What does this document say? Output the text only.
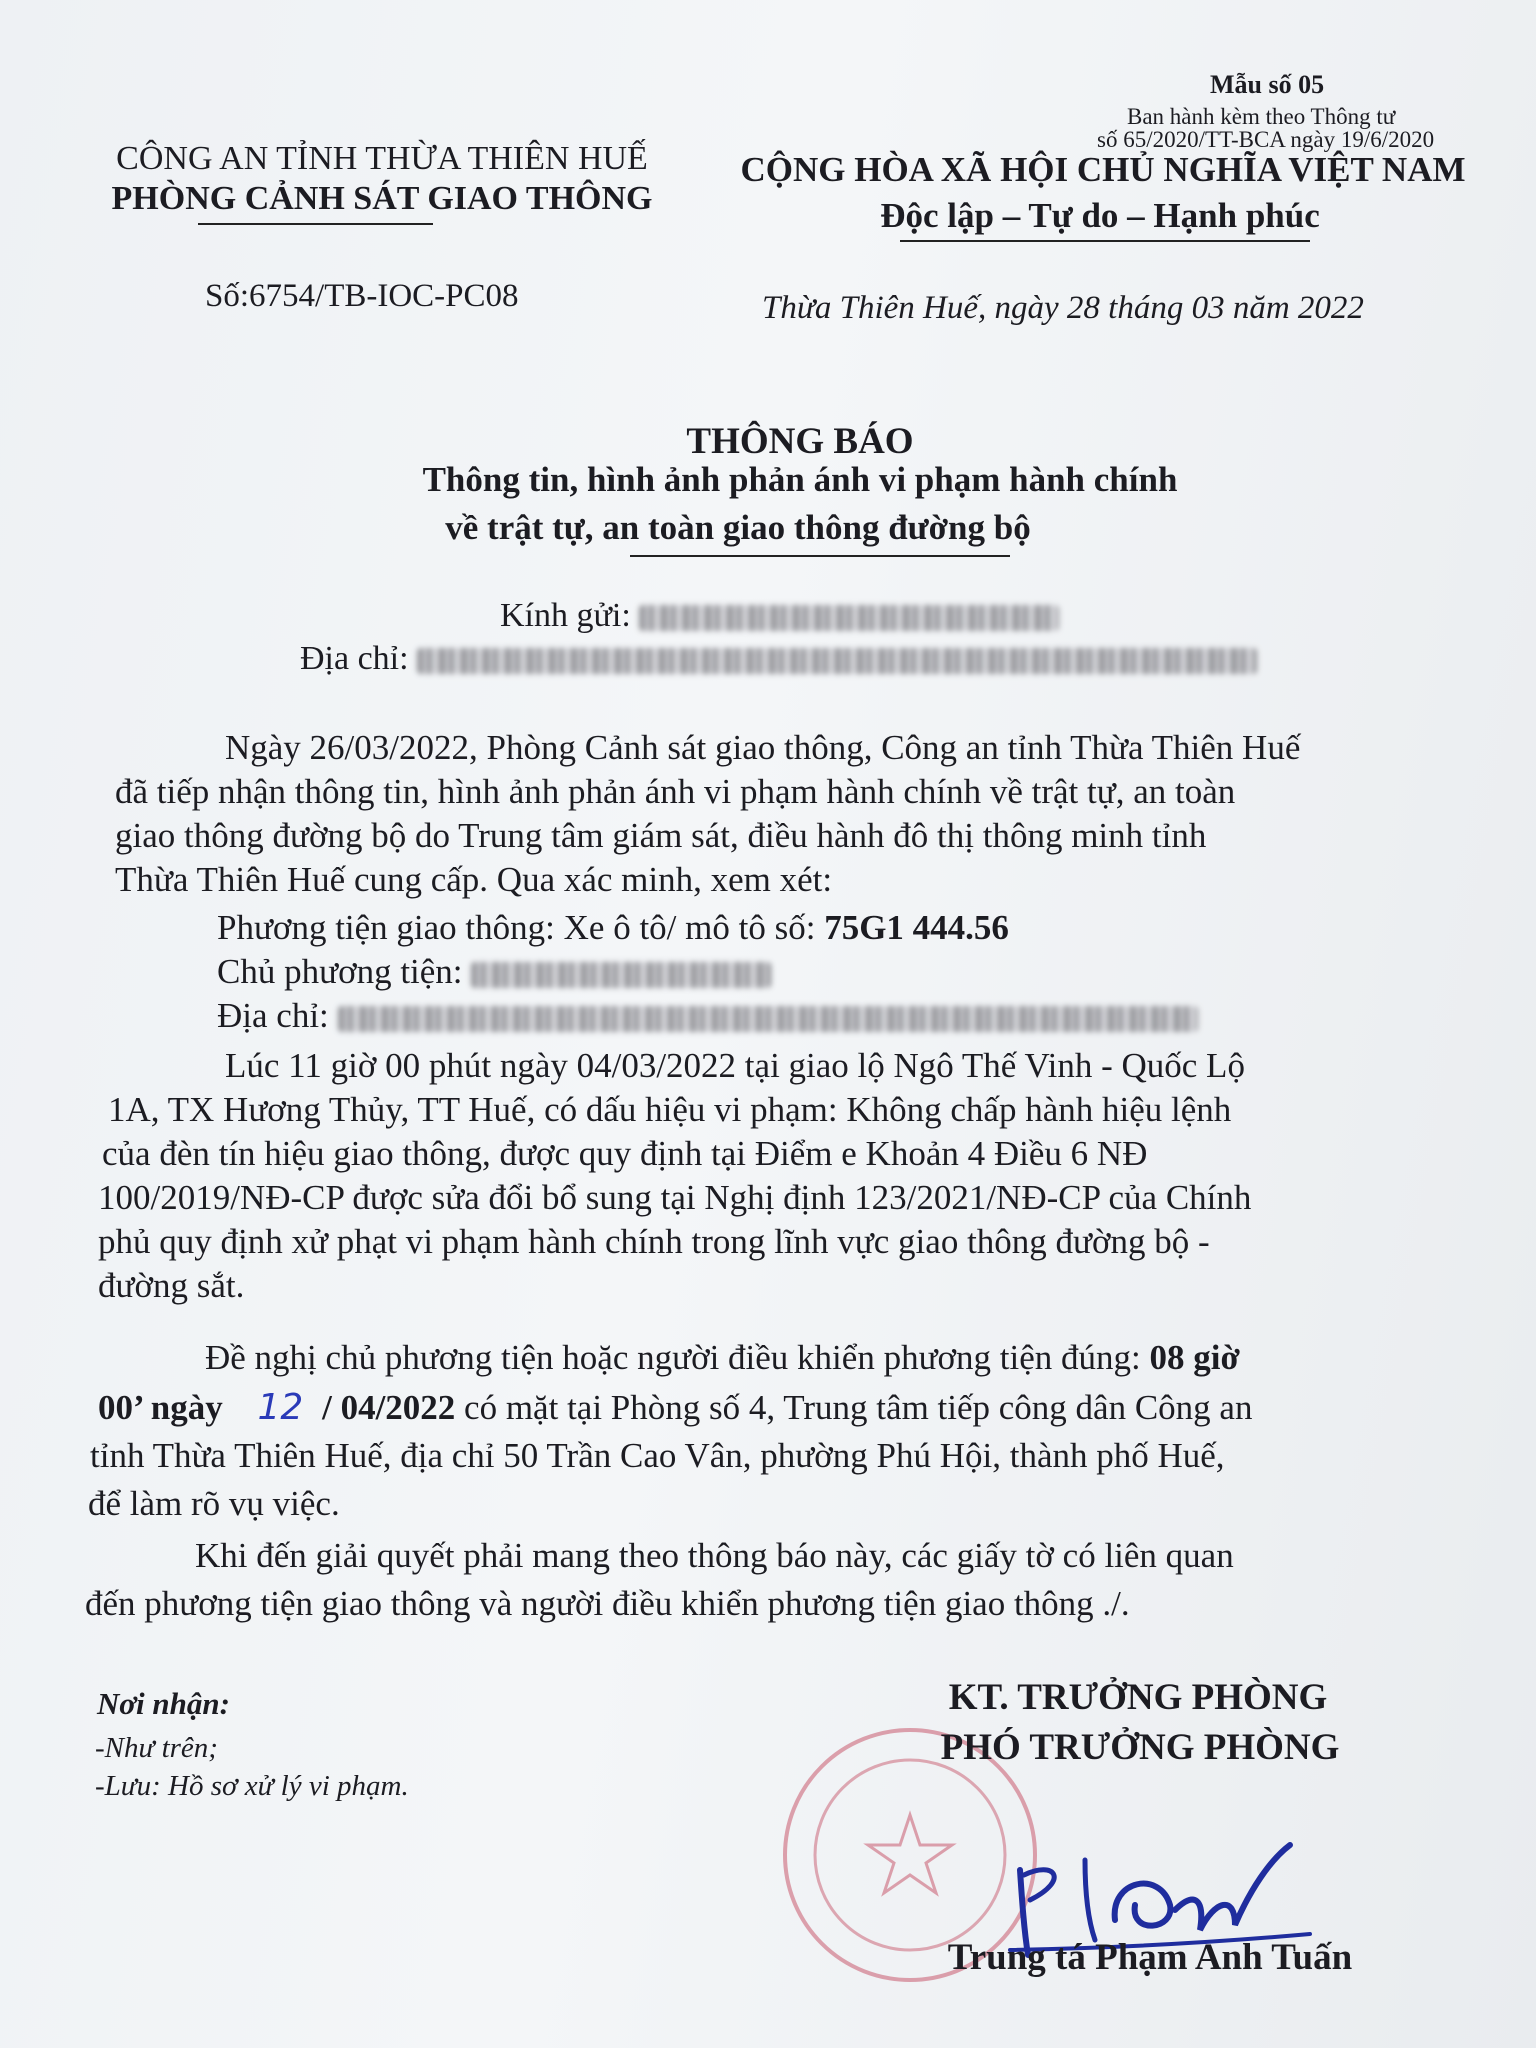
Mẫu số 05
Ban hành kèm theo Thông tư
số 65/2020/TT-BCA ngày 19/6/2020
CÔNG AN TỈNH THỪA THIÊN HUẾ
PHÒNG CẢNH SÁT GIAO THÔNG
Số:6754/TB-IOC-PC08
CỘNG HÒA XÃ HỘI CHỦ NGHĨA VIỆT NAM
Độc lập – Tự do – Hạnh phúc
Thừa Thiên Huế, ngày 28 tháng 03 năm 2022
THÔNG BÁO
Thông tin, hình ảnh phản ánh vi phạm hành chính
về trật tự, an toàn giao thông đường bộ
Kính gửi:
Địa chỉ:
Ngày 26/03/2022, Phòng Cảnh sát giao thông, Công an tỉnh Thừa Thiên Huế
đã tiếp nhận thông tin, hình ảnh phản ánh vi phạm hành chính về trật tự, an toàn
giao thông đường bộ do Trung tâm giám sát, điều hành đô thị thông minh tỉnh
Thừa Thiên Huế cung cấp. Qua xác minh, xem xét:
Phương tiện giao thông: Xe ô tô/ mô tô số: 75G1 444.56
Chủ phương tiện:
Địa chỉ:
Lúc 11 giờ 00 phút ngày 04/03/2022 tại giao lộ Ngô Thế Vinh - Quốc Lộ
1A, TX Hương Thủy, TT Huế, có dấu hiệu vi phạm: Không chấp hành hiệu lệnh
của đèn tín hiệu giao thông, được quy định tại Điểm e Khoản 4 Điều 6 NĐ
100/2019/NĐ-CP được sửa đổi bổ sung tại Nghị định 123/2021/NĐ-CP của Chính
phủ quy định xử phạt vi phạm hành chính trong lĩnh vực giao thông đường bộ -
đường sắt.
Đề nghị chủ phương tiện hoặc người điều khiển phương tiện đúng: 08 giờ
00’ ngày 12 / 04/2022 có mặt tại Phòng số 4, Trung tâm tiếp công dân Công an
tỉnh Thừa Thiên Huế, địa chỉ 50 Trần Cao Vân, phường Phú Hội, thành phố Huế,
để làm rõ vụ việc.
Khi đến giải quyết phải mang theo thông báo này, các giấy tờ có liên quan
đến phương tiện giao thông và người điều khiển phương tiện giao thông ./.
Nơi nhận:
-Như trên;
-Lưu: Hồ sơ xử lý vi phạm.
KT. TRƯỞNG PHÒNG
PHÓ TRƯỞNG PHÒNG
Trung tá Phạm Anh Tuấn
